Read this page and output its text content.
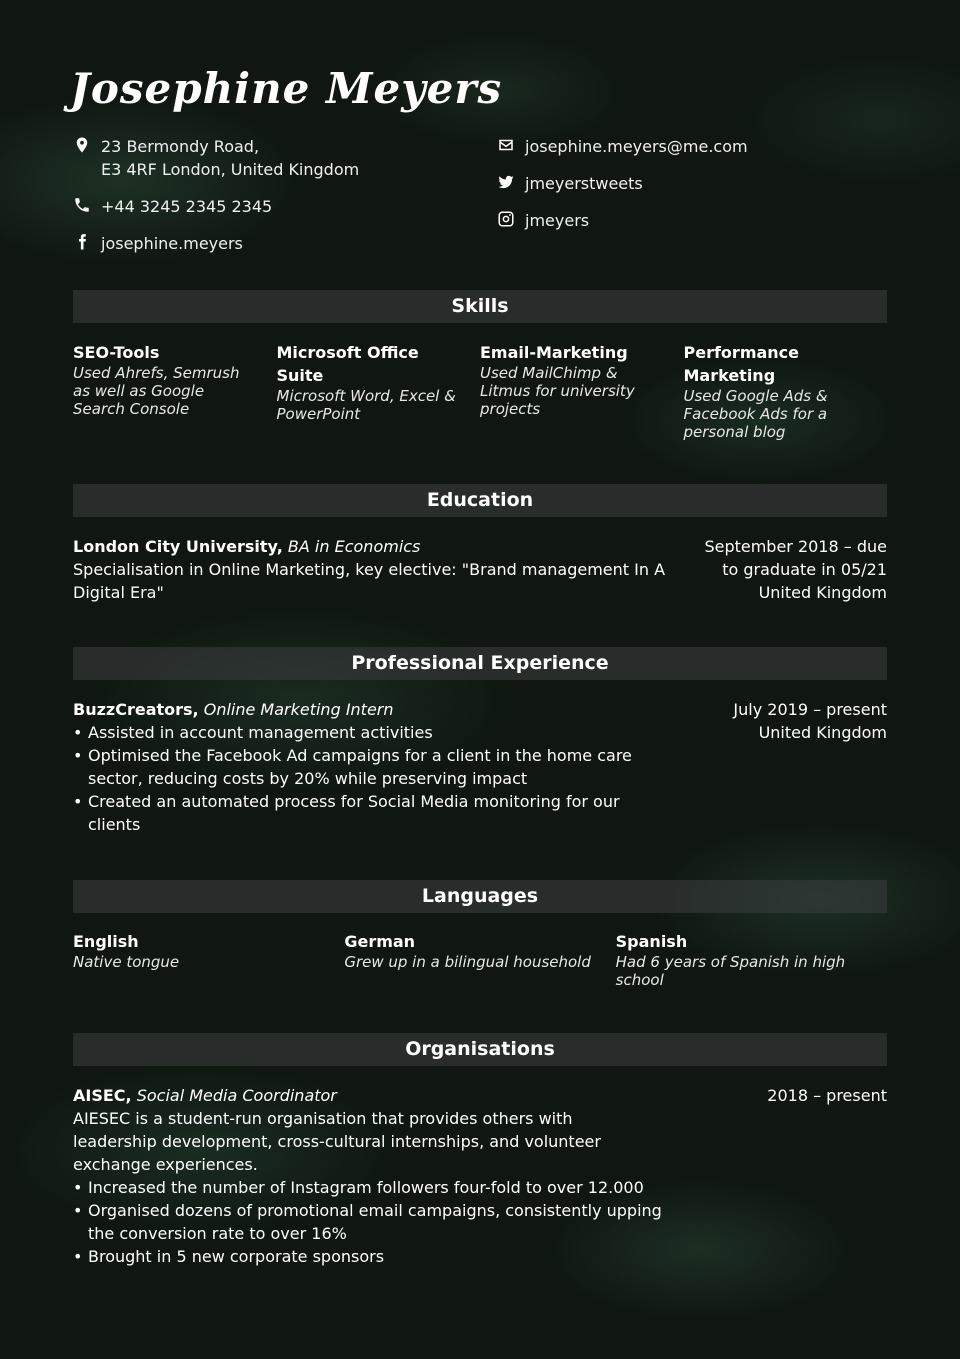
Josephine Meyers
23 Bermondy Road,
E3 4RF London, United Kingdom
+44 3245 2345 2345
josephine.meyers
josephine.meyers@me.com
jmeyerstweets
jmeyers
Skills
SEO-Tools
Used Ahrefs, Semrush as well as Google Search Console
Microsoft Office Suite
Microsoft Word, Excel & PowerPoint
Email-Marketing
Used MailChimp & Litmus for university projects
Performance Marketing
Used Google Ads & Facebook Ads for a personal blog
Education
London City University, BA in Economics
Specialisation in Online Marketing, key elective: "Brand management In A Digital Era"
September 2018 – due
to graduate in 05/21
United Kingdom
Professional Experience
BuzzCreators, Online Marketing Intern
• Assisted in account management activities
• Optimised the Facebook Ad campaigns for a client in the home care sector, reducing costs by 20% while preserving impact
• Created an automated process for Social Media monitoring for our clients
July 2019 – present
United Kingdom
Languages
English
Native tongue
German
Grew up in a bilingual household
Spanish
Had 6 years of Spanish in high school
Organisations
AISEC, Social Media Coordinator
AIESEC is a student-run organisation that provides others with leadership development, cross-cultural internships, and volunteer exchange experiences.
• Increased the number of Instagram followers four-fold to over 12.000
• Organised dozens of promotional email campaigns, consistently upping the conversion rate to over 16%
• Brought in 5 new corporate sponsors
2018 – present
